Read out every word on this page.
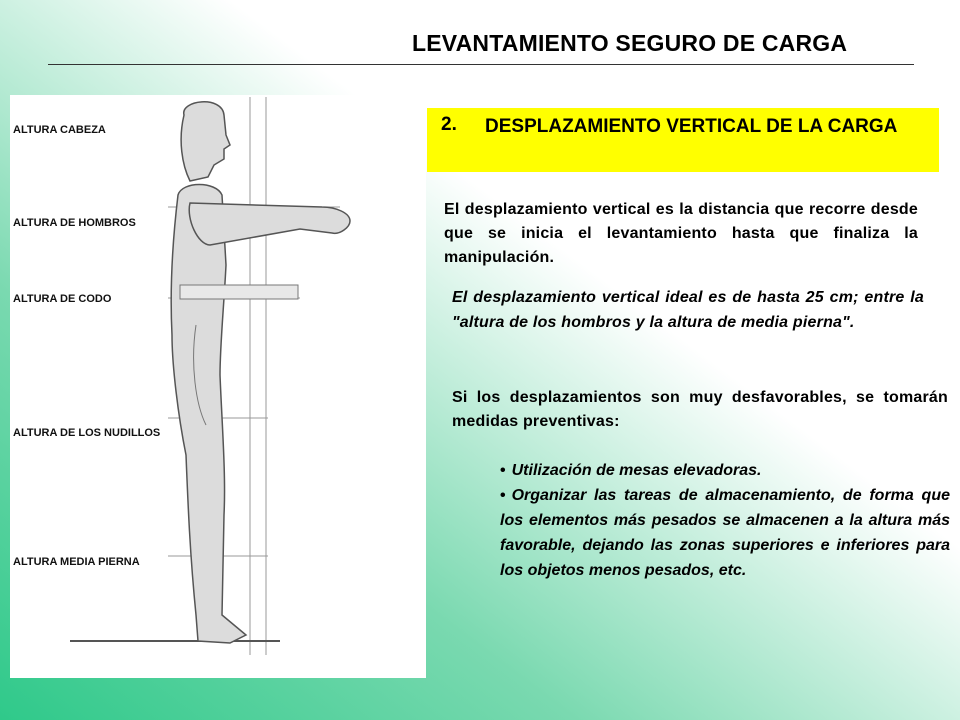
LEVANTAMIENTO SEGURO DE CARGA
ALTURA CABEZA
ALTURA DE HOMBROS
ALTURA DE CODO
ALTURA DE LOS NUDILLOS
ALTURA MEDIA PIERNA
2. DESPLAZAMIENTO VERTICAL DE LA CARGA
El desplazamiento vertical es la distancia que recorre desde que se inicia el levantamiento hasta que finaliza la manipulación.
El desplazamiento vertical ideal es de hasta 25 cm; entre la "altura de los hombros y la altura de media pierna".
Si los desplazamientos son muy desfavorables, se tomarán medidas preventivas:
• Utilización de mesas elevadoras.
• Organizar las tareas de almacenamiento, de forma que los elementos más pesados se almacenen a la altura más favorable, dejando las zonas superiores e inferiores para los objetos menos pesados, etc.
